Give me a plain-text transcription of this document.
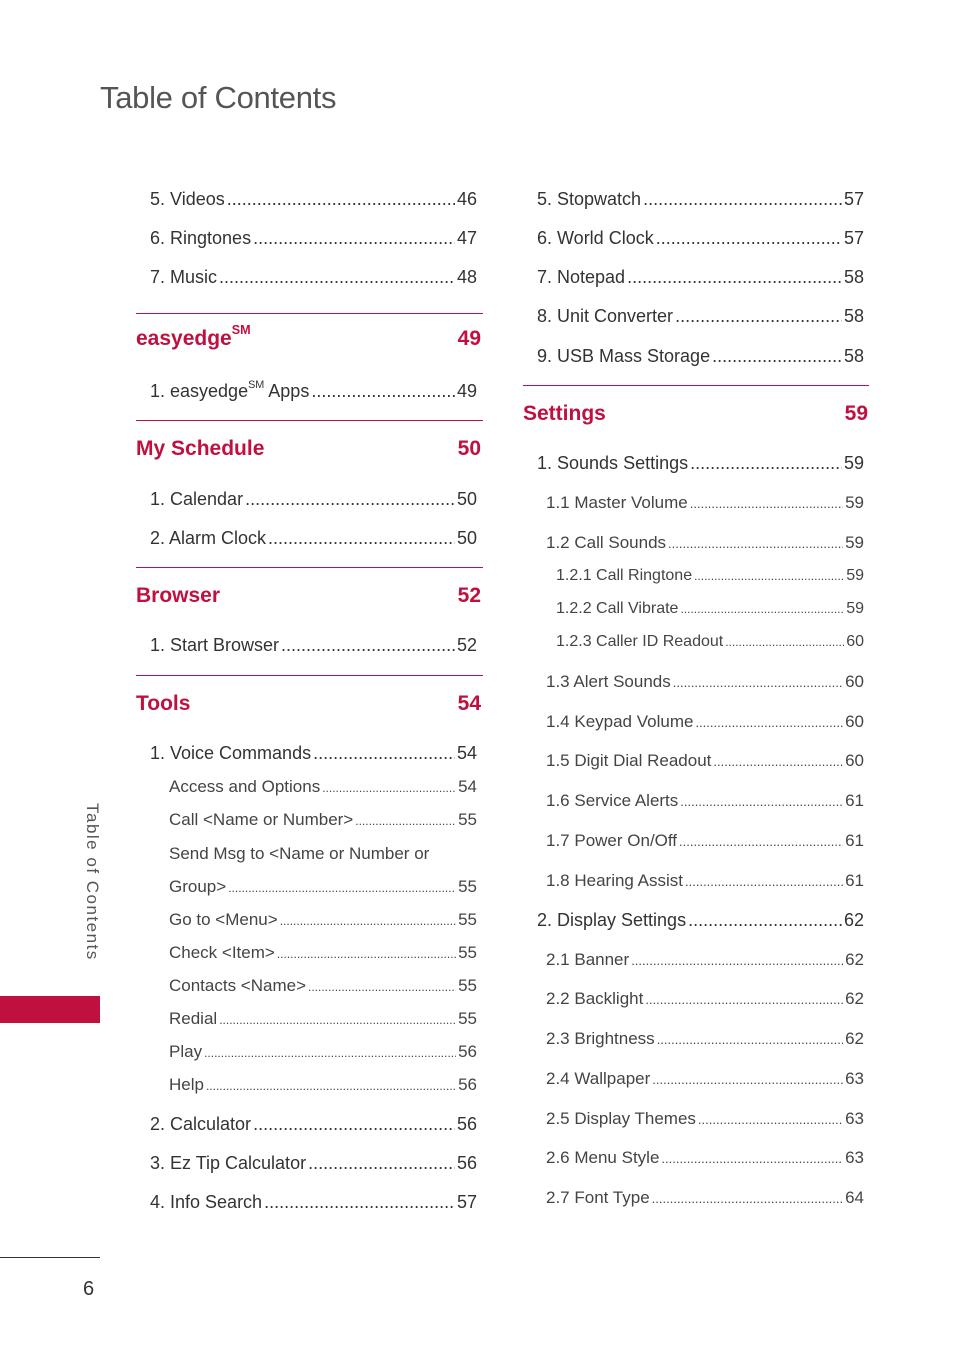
Table of Contents
5. Videos .....	46
6. Ringtones .....	47
7. Music .....	48
easyedge℠	49
1. easyedge℠ Apps .....	49
My Schedule	50
1. Calendar .....	50
2. Alarm Clock .....	50
Browser	52
1. Start Browser .....	52
Tools	54
1. Voice Commands .....	54
Access and Options .....	54
Call <Name or Number> .....	55
Send Msg to <Name or Number or
Group> .....	55
Go to <Menu> .....	55
Check <Item> .....	55
Contacts <Name> .....	55
Redial .....	55
Play .....	56
Help .....	56
2. Calculator .....	56
3. Ez Tip Calculator .....	56
4. Info Search .....	57
5. Stopwatch .....	57
6. World Clock .....	57
7. Notepad .....	58
8. Unit Converter .....	58
9. USB Mass Storage .....	58
Settings	59
1. Sounds Settings .....	59
1.1 Master Volume .....	59
1.2 Call Sounds .....	59
1.2.1 Call Ringtone .....	59
1.2.2 Call Vibrate .....	59
1.2.3 Caller ID Readout .....	60
1.3 Alert Sounds .....	60
1.4 Keypad Volume .....	60
1.5 Digit Dial Readout .....	60
1.6 Service Alerts .....	61
1.7 Power On/Off .....	61
1.8 Hearing Assist .....	61
2. Display Settings .....	62
2.1 Banner .....	62
2.2 Backlight .....	62
2.3 Brightness .....	62
2.4 Wallpaper .....	63
2.5 Display Themes .....	63
2.6 Menu Style .....	63
2.7 Font Type .....	64
Table of Contents
6
